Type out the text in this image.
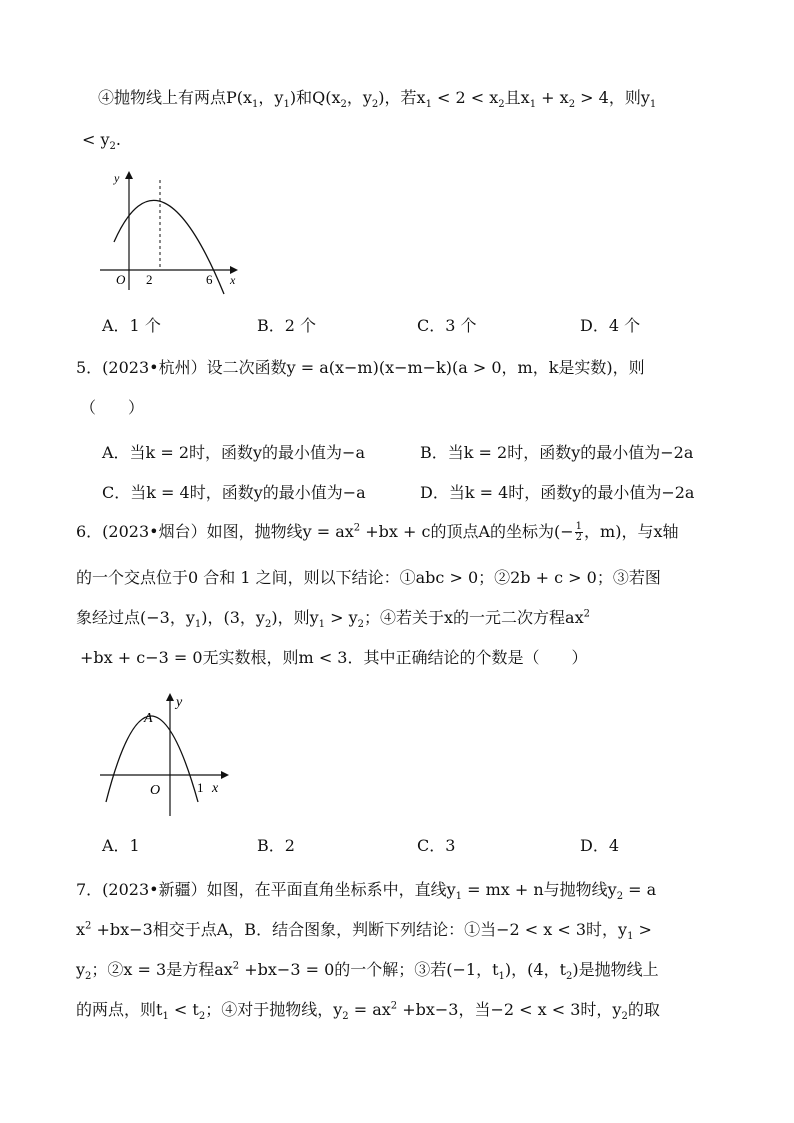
④抛物线上有两点$P(x_1$，$y_1$)和$Q(x_2$，$y_2$)，若$x_1 < 2 < x_2$且$x_1 + x_2 > 4$，则$y_1$
< $y_2$.
y
x
O 2	6
A．1 个	B．2 个	C．3 个	D．4 个
5．(2023•杭州）设二次函数y = a(x−m)(x−m−k)(a > 0，m，k是实数)，则
（　　）
A．当k = 2时，函数y的最小值为−a	B．当k = 2时，函数y的最小值为−2a
C．当k = 4时，函数y的最小值为−a	D．当k = 4时，函数y的最小值为−2a
6．(2023•烟台）如图，抛物线$y = ax^2 +bx + c$的顶点A的坐标为(− $\frac{1}{2}$ ，m)，与x轴
的一个交点位于0 合和 1 之间，则以下结论：①abc > 0；②2b + c > 0；③若图
象经过点(−3，$y_1$)，(3，$y_2$)，则$y_1 > y_2$；④若关于x的一元二次方程$ax^2$
+bx + c−3 = 0无实数根，则m < 3．其中正确结论的个数是（　　）
A
y
x
O	1
A．1	B．2	C．3	D．4
7．(2023•新疆）如图，在平面直角坐标系中，直线$y_1$ = mx + n与抛物线$y_2 = a$
$x^2 +bx-3$相交于点A，B．结合图象，判断下列结论：①当−2 < x < 3时，$y_1$ >
$y_2$；②x = 3是方程$ax^2 +bx-3 = 0$的一个解；③若(−1，$t_1$)，(4，$t_2$)是抛物线上
的两点，则$t_1 < t_2$；④对于抛物线，$y_2 = ax^2 +bx-3$，当−2 < x < 3时，$y_2$的取
